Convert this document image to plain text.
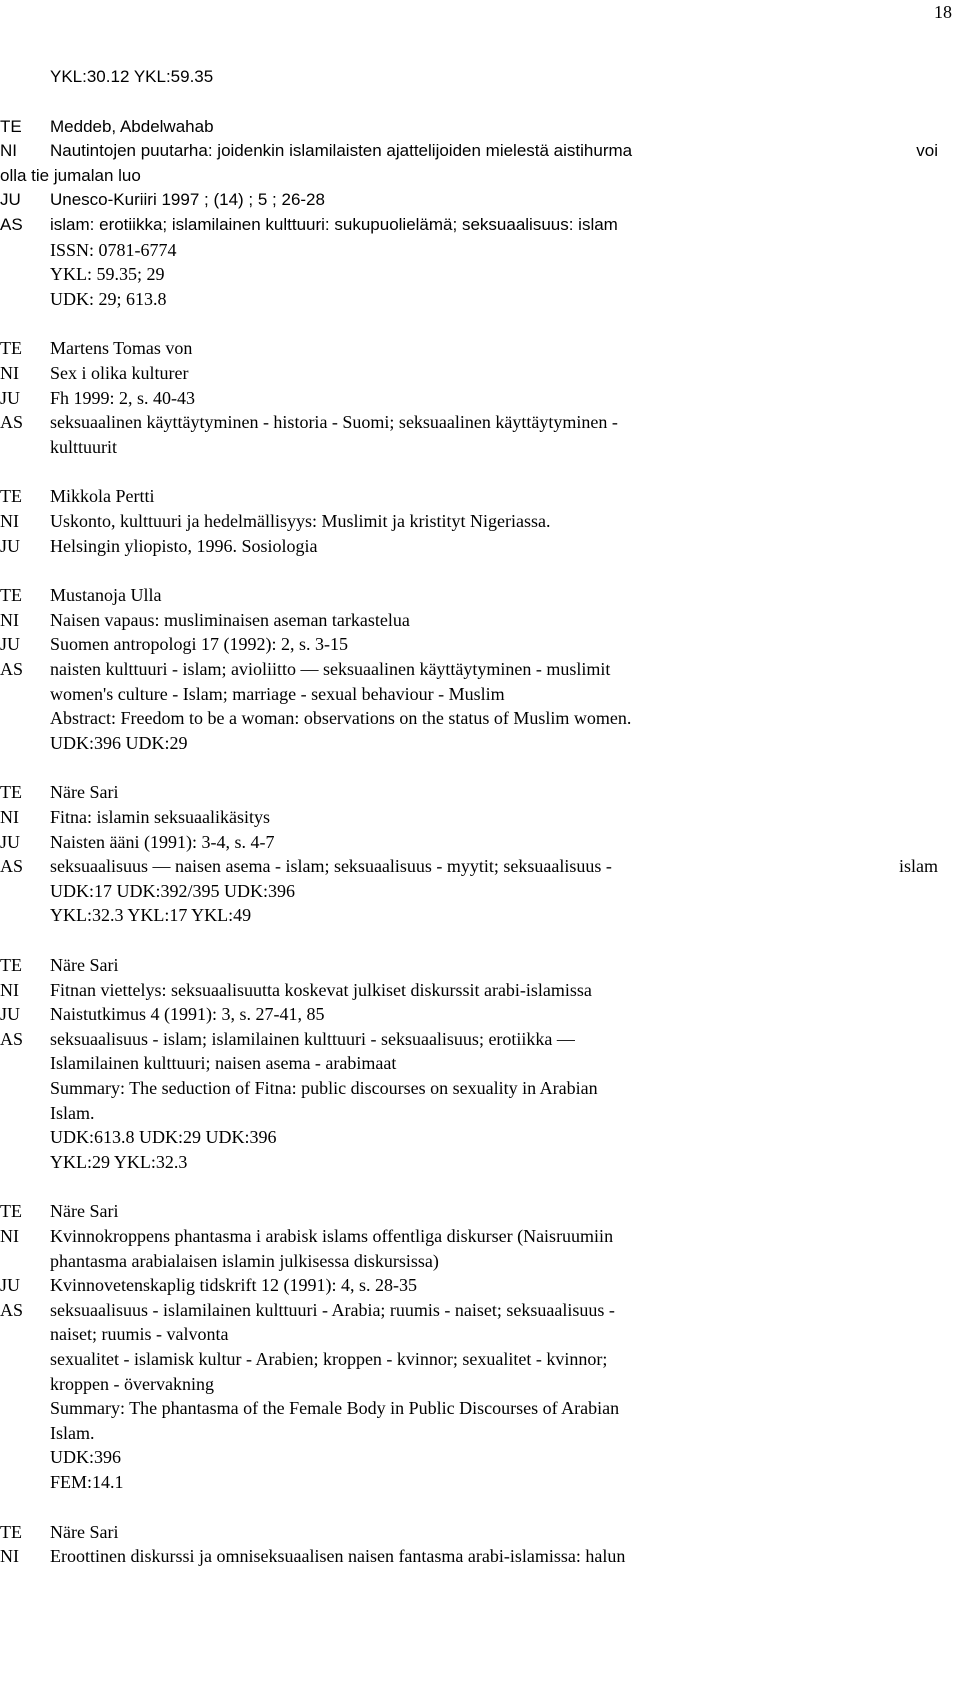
18
YKL:30.12 YKL:59.35
TE Meddeb, Abdelwahab
NI Nautintojen puutarha: joidenkin islamilaisten ajattelijoiden mielestä aistihurma	voi
olla tie jumalan luo
JU Unesco-Kuriiri 1997 ; (14) ; 5 ; 26-28
AS islam: erotiikka; islamilainen kulttuuri: sukupuolielämä; seksuaalisuus: islam
ISSN: 0781-6774
YKL: 59.35; 29
UDK: 29; 613.8
TE Martens Tomas von
NI Sex i olika kulturer
JU Fh 1999: 2, s. 40-43
AS seksuaalinen käyttäytyminen - historia - Suomi; seksuaalinen käyttäytyminen -
kulttuurit
TE Mikkola Pertti
NI Uskonto, kulttuuri ja hedelmällisyys: Muslimit ja kristityt Nigeriassa.
JU Helsingin yliopisto, 1996. Sosiologia
TE Mustanoja Ulla
NI Naisen vapaus: musliminaisen aseman tarkastelua
JU Suomen antropologi 17 (1992): 2, s. 3-15
AS naisten kulttuuri - islam; avioliitto — seksuaalinen käyttäytyminen - muslimit
women's culture - Islam; marriage - sexual behaviour - Muslim
Abstract: Freedom to be a woman: observations on the status of Muslim women.
UDK:396 UDK:29
TE Näre Sari
NI Fitna: islamin seksuaalikäsitys
JU Naisten ääni (1991): 3-4, s. 4-7
AS seksuaalisuus — naisen asema - islam; seksuaalisuus - myytit; seksuaalisuus -	islam
UDK:17 UDK:392/395 UDK:396
YKL:32.3 YKL:17 YKL:49
TE Näre Sari
NI Fitnan viettelys: seksuaalisuutta koskevat julkiset diskurssit arabi-islamissa
JU Naistutkimus 4 (1991): 3, s. 27-41, 85
AS seksuaalisuus - islam; islamilainen kulttuuri - seksuaalisuus; erotiikka —
Islamilainen kulttuuri; naisen asema - arabimaat
Summary: The seduction of Fitna: public discourses on sexuality in Arabian
Islam.
UDK:613.8 UDK:29 UDK:396
YKL:29 YKL:32.3
TE Näre Sari
NI Kvinnokroppens phantasma i arabisk islams offentliga diskurser (Naisruumiin
phantasma arabialaisen islamin julkisessa diskursissa)
JU Kvinnovetenskaplig tidskrift 12 (1991): 4, s. 28-35
AS seksuaalisuus - islamilainen kulttuuri - Arabia; ruumis - naiset; seksuaalisuus -
naiset; ruumis - valvonta
sexualitet - islamisk kultur - Arabien; kroppen - kvinnor; sexualitet - kvinnor;
kroppen - övervakning
Summary: The phantasma of the Female Body in Public Discourses of Arabian
Islam.
UDK:396
FEM:14.1
TE Näre Sari
NI Eroottinen diskurssi ja omniseksuaalisen naisen fantasma arabi-islamissa: halun
